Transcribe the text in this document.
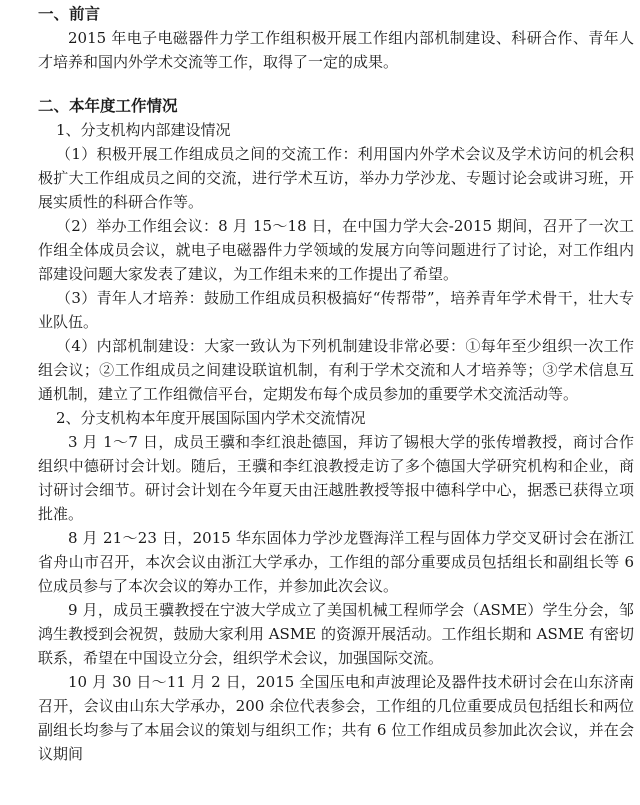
一、前言

2015 年电子电磁器件力学工作组积极开展工作组内部机制建设、科研合作、青年人才培养和国内外学术交流等工作，取得了一定的成果。

二、本年度工作情况

1、分支机构内部建设情况

（1）积极开展工作组成员之间的交流工作：利用国内外学术会议及学术访问的机会积极扩大工作组成员之间的交流，进行学术互访，举办力学沙龙、专题讨论会或讲习班，开展实质性的科研合作等。

（2）举办工作组会议：8 月 15～18 日，在中国力学大会-2015 期间，召开了一次工作组全体成员会议，就电子电磁器件力学领域的发展方向等问题进行了讨论，对工作组内部建设问题大家发表了建议，为工作组未来的工作提出了希望。

（3）青年人才培养：鼓励工作组成员积极搞好“传帮带”，培养青年学术骨干，壮大专业队伍。

（4）内部机制建设：大家一致认为下列机制建设非常必要：①每年至少组织一次工作组会议；②工作组成员之间建设联谊机制，有利于学术交流和人才培养等；③学术信息互通机制，建立了工作组微信平台，定期发布每个成员参加的重要学术交流活动等。

2、分支机构本年度开展国际国内学术交流情况

3 月 1～7 日，成员王骥和李红浪赴德国，拜访了锡根大学的张传增教授，商讨合作组织中德研讨会计划。随后，王骥和李红浪教授走访了多个德国大学研究机构和企业，商讨研讨会细节。研讨会计划在今年夏天由汪越胜教授等报中德科学中心，据悉已获得立项批准。

8 月 21～23 日，2015 华东固体力学沙龙暨海洋工程与固体力学交叉研讨会在浙江省舟山市召开，本次会议由浙江大学承办，工作组的部分重要成员包括组长和副组长等 6 位成员参与了本次会议的筹办工作，并参加此次会议。

9 月，成员王骥教授在宁波大学成立了美国机械工程师学会（ASME）学生分会，邹鸿生教授到会祝贺，鼓励大家利用 ASME 的资源开展活动。工作组长期和 ASME 有密切联系，希望在中国设立分会，组织学术会议，加强国际交流。

10 月 30 日～11 月 2 日，2015 全国压电和声波理论及器件技术研讨会在山东济南召开，会议由山东大学承办，200 余位代表参会，工作组的几位重要成员包括组长和两位副组长均参与了本届会议的策划与组织工作；共有 6 位工作组成员参加此次会议，并在会议期间
